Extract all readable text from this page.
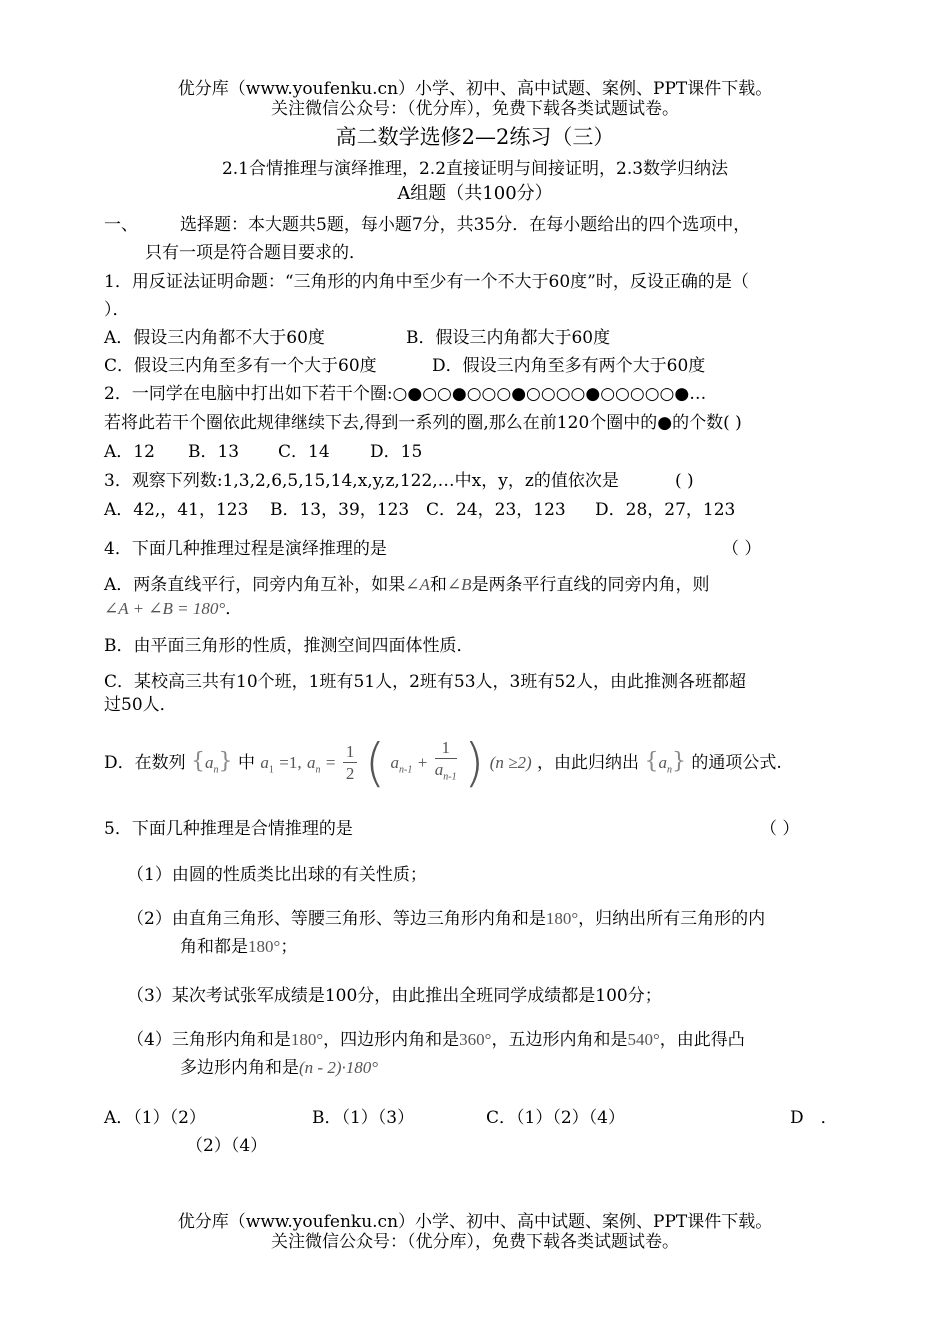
优分库（www.youfenku.cn）小学、初中、高中试题、案例、PPT课件下载。
关注微信公众号：（优分库），免费下载各类试题试卷。
高二数学选修2—2练习（三）
2.1合情推理与演绎推理，2.2直接证明与间接证明，2.3数学归纳法
A组题（共100分）
一、 选择题：本大题共5题，每小题7分，共35分．在每小题给出的四个选项中，
只有一项是符合题目要求的．
1．用反证法证明命题：“三角形的内角中至少有一个不大于60度”时，反设正确的是（
）．
A．假设三内角都不大于60度	B．假设三内角都大于60度
C．假设三内角至多有一个大于60度	D．假设三内角至多有两个大于60度
2．一同学在电脑中打出如下若干个圈:○●○○●○○○●○○○○●○○○○○●…
若将此若干个圈依此规律继续下去,得到一系列的圈,那么在前120个圈中的●的个数( )
A．12 B．13 C．14 D．15
3．观察下列数:1,3,2,6,5,15,14,x,y,z,122,…中x，y，z的值依次是	( )
A．42,，41，123 B．13，39，123 C．24，23，123 D．28，27，123
4．下面几种推理过程是演绎推理的是	（ ）
A．两条直线平行，同旁内角互补，如果∠A和∠B是两条平行直线的同旁内角，则
∠A + ∠B = 180°．
B．由平面三角形的性质，推测空间四面体性质．
C．某校高三共有10个班，1班有51人，2班有53人，3班有52人，由此推测各班都超
过50人．
D．在数列 $\{a_n\}$ 中 $a_1 =1$, $a_n = \frac{1}{2}$ ( $a_{n-1} + \frac{1}{a_{n-1}}$ ) (n ≥2) ，由此归纳出 $\{a_n\}$ 的通项公式.
5．下面几种推理是合情推理的是	（ ）
（1）由圆的性质类比出球的有关性质；
（2）由直角三角形、等腰三角形、等边三角形内角和是180°，归纳出所有三角形的内
角和都是180°；
（3）某次考试张军成绩是100分，由此推出全班同学成绩都是100分；
（4）三角形内角和是180°，四边形内角和是360°，五边形内角和是540°，由此得凸
多边形内角和是(n - 2)·180°
A．（1）（2）	B．（1）（3）	C．（1）（2）（4）	D　．
（2）（4）
优分库（www.youfenku.cn）小学、初中、高中试题、案例、PPT课件下载。
关注微信公众号：（优分库），免费下载各类试题试卷。
